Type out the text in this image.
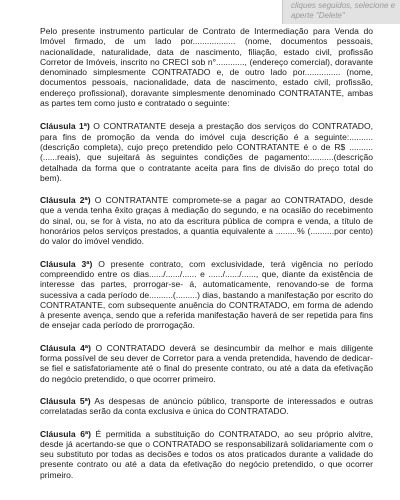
cliques seguidos, selecione e
aperte "Delete"

Pelo presente instrumento particular de Contrato de Intermediação para Venda do Imóvel firmado, de um lado por.................. (nome, documentos pessoais, nacionalidade, naturalidade, data de nascimento, filiação, estado civil, profissão Corretor de Imóveis, inscrito no CRECI sob n°............, (endereço comercial), doravante denominado simplesmente CONTRATADO e, de outro lado por............... (nome, documentos pessoais, nacionalidade, data de nascimento, estado civil, profissão, endereço profissional), doravante simplesmente denominado CONTRATANTE, ambas as partes tem como justo e contratado o seguinte:

Cláusula 1ª) O CONTRATANTE deseja a prestação dos serviços do CONTRATADO, para fins de promoção da venda do imóvel cuja descrição é a seguinte:.......... (descrição completa), cujo preço pretendido pelo CONTRATANTE é o de R$ ..........(......reais), que sujeitará às seguintes condições de pagamento:..........(descrição detalhada da forma que o contratante aceita para fins de divisão do preço total do bem).

Cláusula 2ª) O CONTRATANTE compromete-se a pagar ao CONTRATADO, desde que a venda tenha êxito graças à mediação do segundo, e na ocasião do recebimento do sinal, ou, se for à vista, no ato da escritura pública de compra e venda, a título de honorários pelos serviços prestados, a quantia equivalente a .........% (..........por cento) do valor do imóvel vendido.

Cláusula 3ª) O presente contrato, com exclusividade, terá vigência no período compreendido entre os dias....../....../...... e ....../....../......, que, diante da existência de interesse das partes, prorrogar-se- á, automaticamente, renovando-se de forma sucessiva a cada período de..........(.........) dias, bastando a manifestação por escrito do CONTRATANTE, com subsequente anuência do CONTRATADO, em forma de adendo à presente avença, sendo que a referida manifestação haverá de ser repetida para fins de ensejar cada período de prorrogação.

Cláusula 4ª) O CONTRATADO deverá se desincumbir da melhor e mais diligente forma possível de seu dever de Corretor para a venda pretendida, havendo de dedicar-se fiel e satisfatoriamente até o final do presente contrato, ou até a data da efetivação do negócio pretendido, o que ocorrer primeiro.

Cláusula 5ª) As despesas de anúncio público, transporte de interessados e outras correlatadas serão da conta exclusiva e única do CONTRATADO.

Cláusula 6ª) É permitida a substituição do CONTRATADO, ao seu próprio alvitre, desde já acertando-se que o CONTRATADO se responsabilizará solidariamente com o seu substituto por todas as decisões e todos os atos praticados durante a validade do presente contrato ou até a data da efetivação do negócio pretendido, o que ocorrer primeiro.
